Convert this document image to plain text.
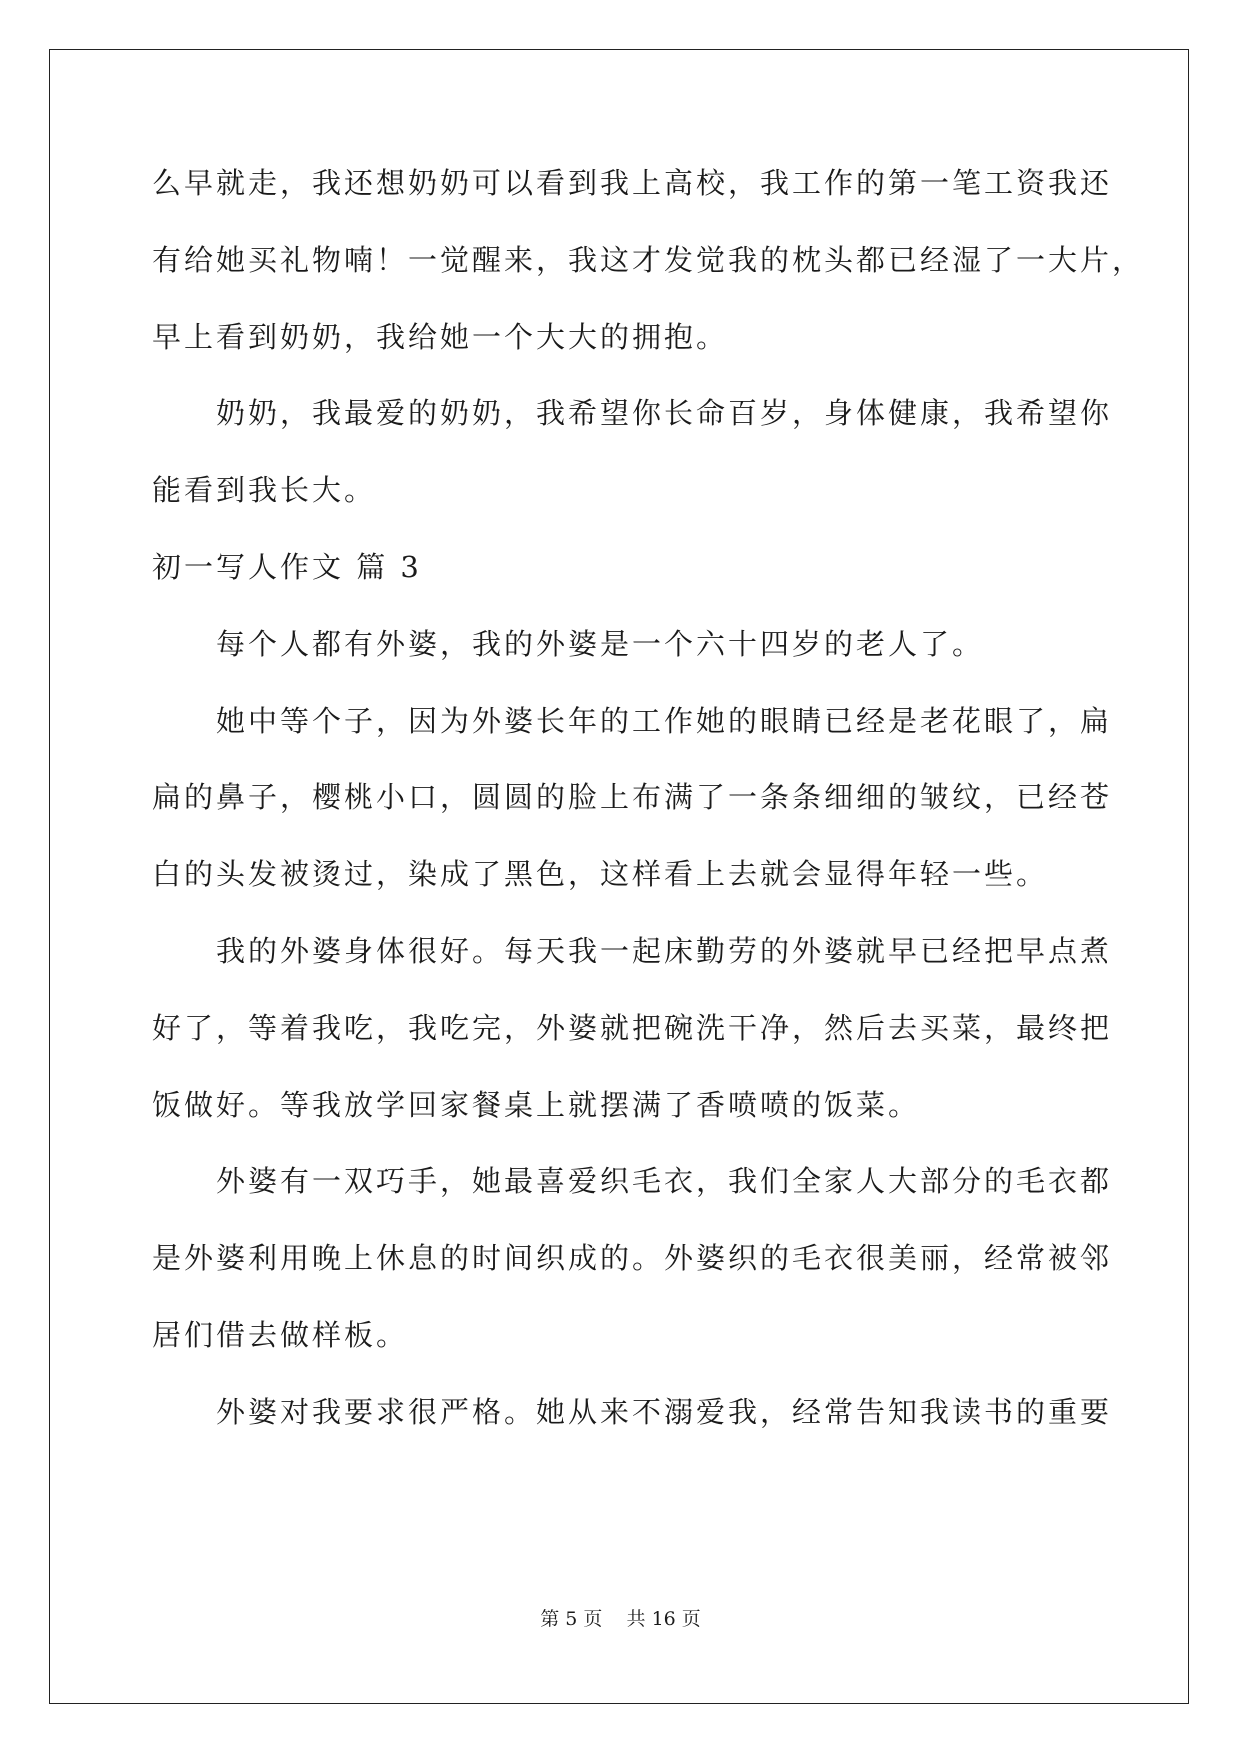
么早就走，我还想奶奶可以看到我上高校，我工作的第一笔工资我还
有给她买礼物喃！一觉醒来，我这才发觉我的枕头都已经湿了一大片，
早上看到奶奶，我给她一个大大的拥抱。
奶奶，我最爱的奶奶，我希望你长命百岁，身体健康，我希望你
能看到我长大。
初一写人作文 篇 3
每个人都有外婆，我的外婆是一个六十四岁的老人了。
她中等个子，因为外婆长年的工作她的眼睛已经是老花眼了，扁
扁的鼻子，樱桃小口，圆圆的脸上布满了一条条细细的皱纹，已经苍
白的头发被烫过，染成了黑色，这样看上去就会显得年轻一些。
我的外婆身体很好。每天我一起床勤劳的外婆就早已经把早点煮
好了，等着我吃，我吃完，外婆就把碗洗干净，然后去买菜，最终把
饭做好。等我放学回家餐桌上就摆满了香喷喷的饭菜。
外婆有一双巧手，她最喜爱织毛衣，我们全家人大部分的毛衣都
是外婆利用晚上休息的时间织成的。外婆织的毛衣很美丽，经常被邻
居们借去做样板。
外婆对我要求很严格。她从来不溺爱我，经常告知我读书的重要
第 5 页    共 16 页
